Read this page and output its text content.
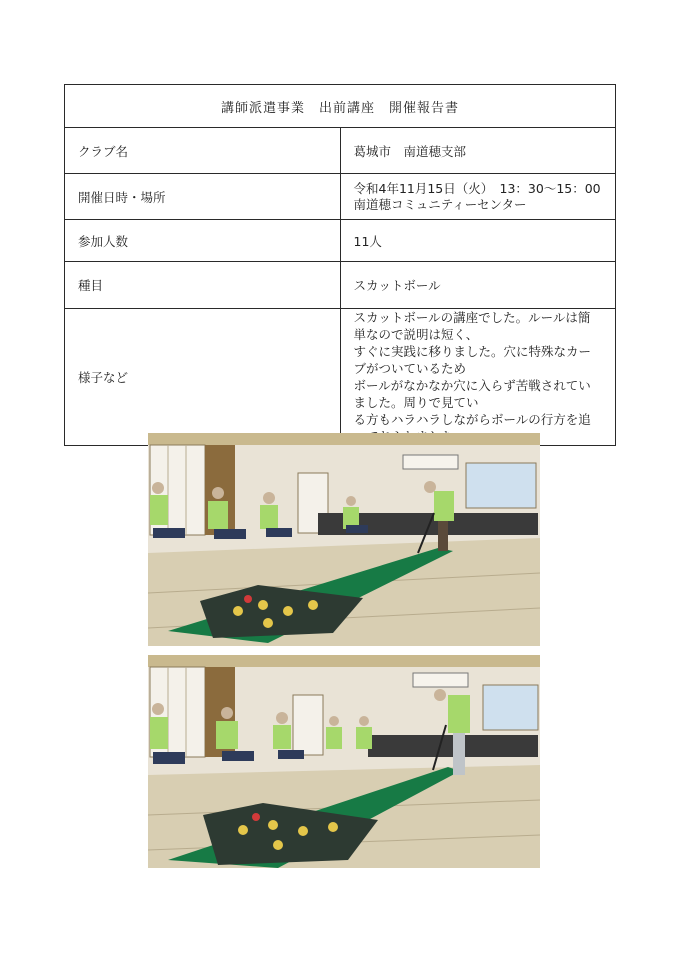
講師派遣事業　出前講座　開催報告書	
クラブ名	葛城市　南道穂支部
開催日時・場所	令和4年11月15日（火）　13：30～15：00
南道穂コミュニティーセンター

参加人数	11人
種目	スカットボール
様子など	スカットボールの講座でした。ルールは簡単なので説明は短く、
すぐに実践に移りました。穴に特殊なカーブがついているため
ボールがなかなか穴に入らず苦戦されていました。周りで見てい
る方もハラハラしながらボールの行方を追
